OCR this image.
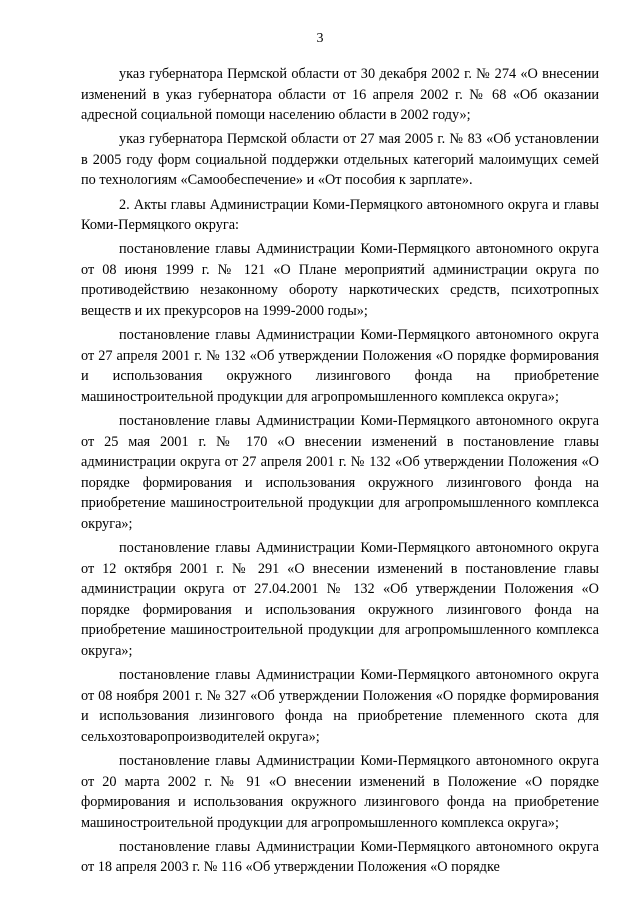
3

указ губернатора Пермской области от 30 декабря 2002 г. № 274 «О внесении изменений в указ губернатора области от 16 апреля 2002 г. № 68 «Об оказании адресной социальной помощи населению области в 2002 году»;

указ губернатора Пермской области от 27 мая 2005 г. № 83 «Об установлении в 2005 году форм социальной поддержки отдельных категорий малоимущих семей по технологиям «Самообеспечение» и «От пособия к зарплате».

2. Акты главы Администрации Коми-Пермяцкого автономного округа и главы Коми-Пермяцкого округа:

постановление главы Администрации Коми-Пермяцкого автономного округа от 08 июня 1999 г. № 121 «О Плане мероприятий администрации округа по противодействию незаконному обороту наркотических средств, психотропных веществ и их прекурсоров на 1999-2000 годы»;

постановление главы Администрации Коми-Пермяцкого автономного округа от 27 апреля 2001 г. № 132 «Об утверждении Положения «О порядке формирования и использования окружного лизингового фонда на приобретение машиностроительной продукции для агропромышленного комплекса округа»;

постановление главы Администрации Коми-Пермяцкого автономного округа от 25 мая 2001 г. № 170 «О внесении изменений в постановление главы администрации округа от 27 апреля 2001 г. № 132 «Об утверждении Положения «О порядке формирования и использования окружного лизингового фонда на приобретение машиностроительной продукции для агропромышленного комплекса округа»;

постановление главы Администрации Коми-Пермяцкого автономного округа от 12 октября 2001 г. № 291 «О внесении изменений в постановление главы администрации округа от 27.04.2001 № 132 «Об утверждении Положения «О порядке формирования и использования окружного лизингового фонда на приобретение машиностроительной продукции для агропромышленного комплекса округа»;

постановление главы Администрации Коми-Пермяцкого автономного округа от 08 ноября 2001 г. № 327 «Об утверждении Положения «О порядке формирования и использования лизингового фонда на приобретение племенного скота для сельхозтоваропроизводителей округа»;

постановление главы Администрации Коми-Пермяцкого автономного округа от 20 марта 2002 г. № 91 «О внесении изменений в Положение «О порядке формирования и использования окружного лизингового фонда на приобретение машиностроительной продукции для агропромышленного комплекса округа»;

постановление главы Администрации Коми-Пермяцкого автономного округа от 18 апреля 2003 г. № 116 «Об утверждении Положения «О порядке
